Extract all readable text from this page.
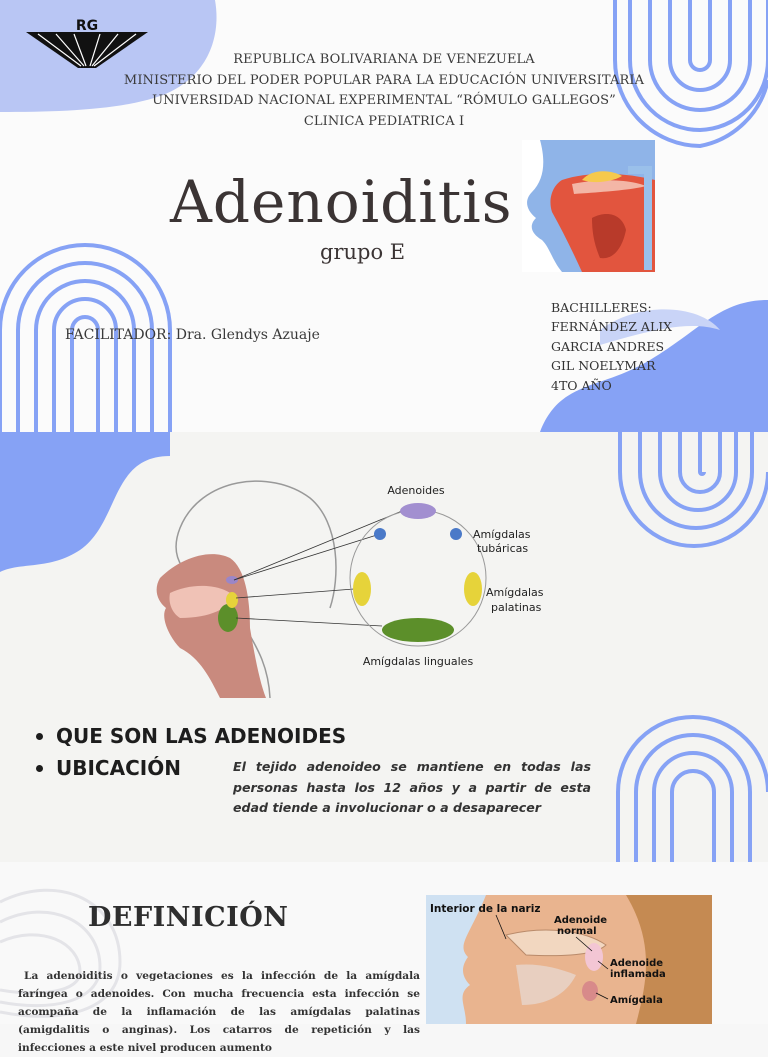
RG
REPUBLICA BOLIVARIANA DE VENEZUELA
MINISTERIO DEL PODER POPULAR PARA LA EDUCACIÓN UNIVERSITARIA
UNIVERSIDAD NACIONAL EXPERIMENTAL “RÓMULO GALLEGOS”
CLINICA PEDIATRICA I
Adenoiditis
grupo E
FACILITADOR: Dra. Glendys Azuaje
BACHILLERES:
FERNÁNDEZ ALIX
GARCIA ANDRES
GIL NOELYMAR
4TO AÑO
Adenoides
Amígdalas
tubáricas
Amígdalas
palatinas
Amígdalas linguales
QUE SON LAS ADENOIDES
UBICACIÓN	El tejido adenoideo se mantiene en todas las personas hasta los 12 años y a partir de esta edad tiende a involucionar o a desaparecer
DEFINICIÓN
La adenoiditis o vegetaciones es la infección de la amígdala faríngea o adenoides. Con mucha frecuencia esta infección se acompaña de la inflamación de las amígdalas palatinas (amigdalitis o anginas). Los catarros de repetición y las infecciones a este nivel producen aumento
Interior de la nariz
Adenoide
normal
Adenoide
inflamada
Amígdala
